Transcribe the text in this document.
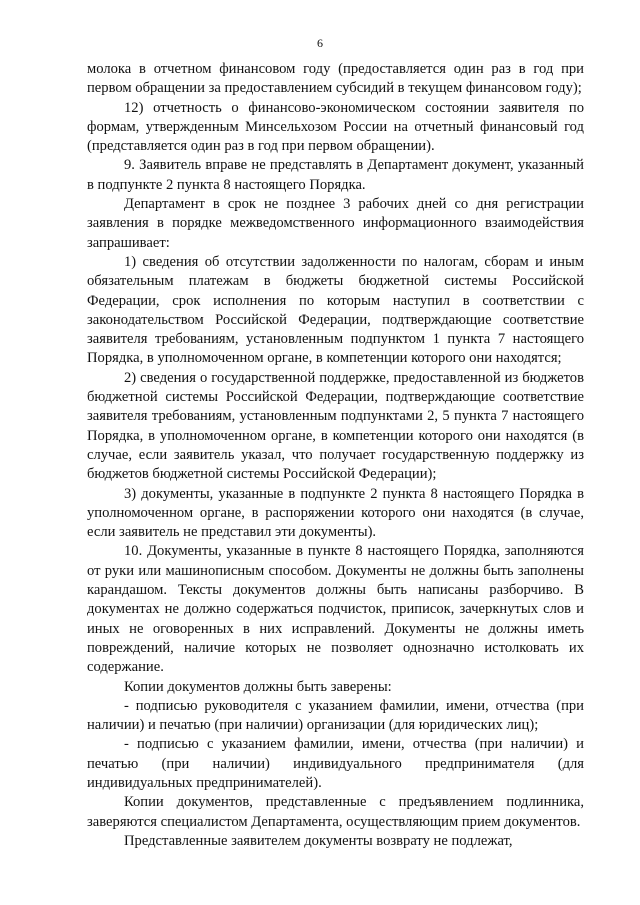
6

молока в отчетном финансовом году (предоставляется один раз в год при первом обращении за предоставлением субсидий в текущем финансовом году);

12) отчетность о финансово-экономическом состоянии заявителя по формам, утвержденным Минсельхозом России на отчетный финансовый год (представляется один раз в год при первом обращении).

9. Заявитель вправе не представлять в Департамент документ, указанный в подпункте 2 пункта 8 настоящего Порядка.

Департамент в срок не позднее 3 рабочих дней со дня регистрации заявления в порядке межведомственного информационного взаимодействия запрашивает:

1) сведения об отсутствии задолженности по налогам, сборам и иным обязательным платежам в бюджеты бюджетной системы Российской Федерации, срок исполнения по которым наступил в соответствии с законодательством Российской Федерации, подтверждающие соответствие заявителя требованиям, установленным подпунктом 1 пункта 7 настоящего Порядка, в уполномоченном органе, в компетенции которого они находятся;

2) сведения о государственной поддержке, предоставленной из бюджетов бюджетной системы Российской Федерации, подтверждающие соответствие заявителя требованиям, установленным подпунктами 2, 5 пункта 7 настоящего Порядка, в уполномоченном органе, в компетенции которого они находятся (в случае, если заявитель указал, что получает государственную поддержку из бюджетов бюджетной системы Российской Федерации);

3) документы, указанные в подпункте 2 пункта 8 настоящего Порядка в уполномоченном органе, в распоряжении которого они находятся (в случае, если заявитель не представил эти документы).

10. Документы, указанные в пункте 8 настоящего Порядка, заполняются от руки или машинописным способом. Документы не должны быть заполнены карандашом. Тексты документов должны быть написаны разборчиво. В документах не должно содержаться подчисток, приписок, зачеркнутых слов и иных не оговоренных в них исправлений. Документы не должны иметь повреждений, наличие которых не позволяет однозначно истолковать их содержание.

Копии документов должны быть заверены:

- подписью руководителя с указанием фамилии, имени, отчества (при наличии) и печатью (при наличии) организации (для юридических лиц);

- подписью с указанием фамилии, имени, отчества (при наличии) и печатью (при наличии) индивидуального предпринимателя (для индивидуальных предпринимателей).

Копии документов, представленные с предъявлением подлинника, заверяются специалистом Департамента, осуществляющим прием документов.

Представленные заявителем документы возврату не подлежат,
